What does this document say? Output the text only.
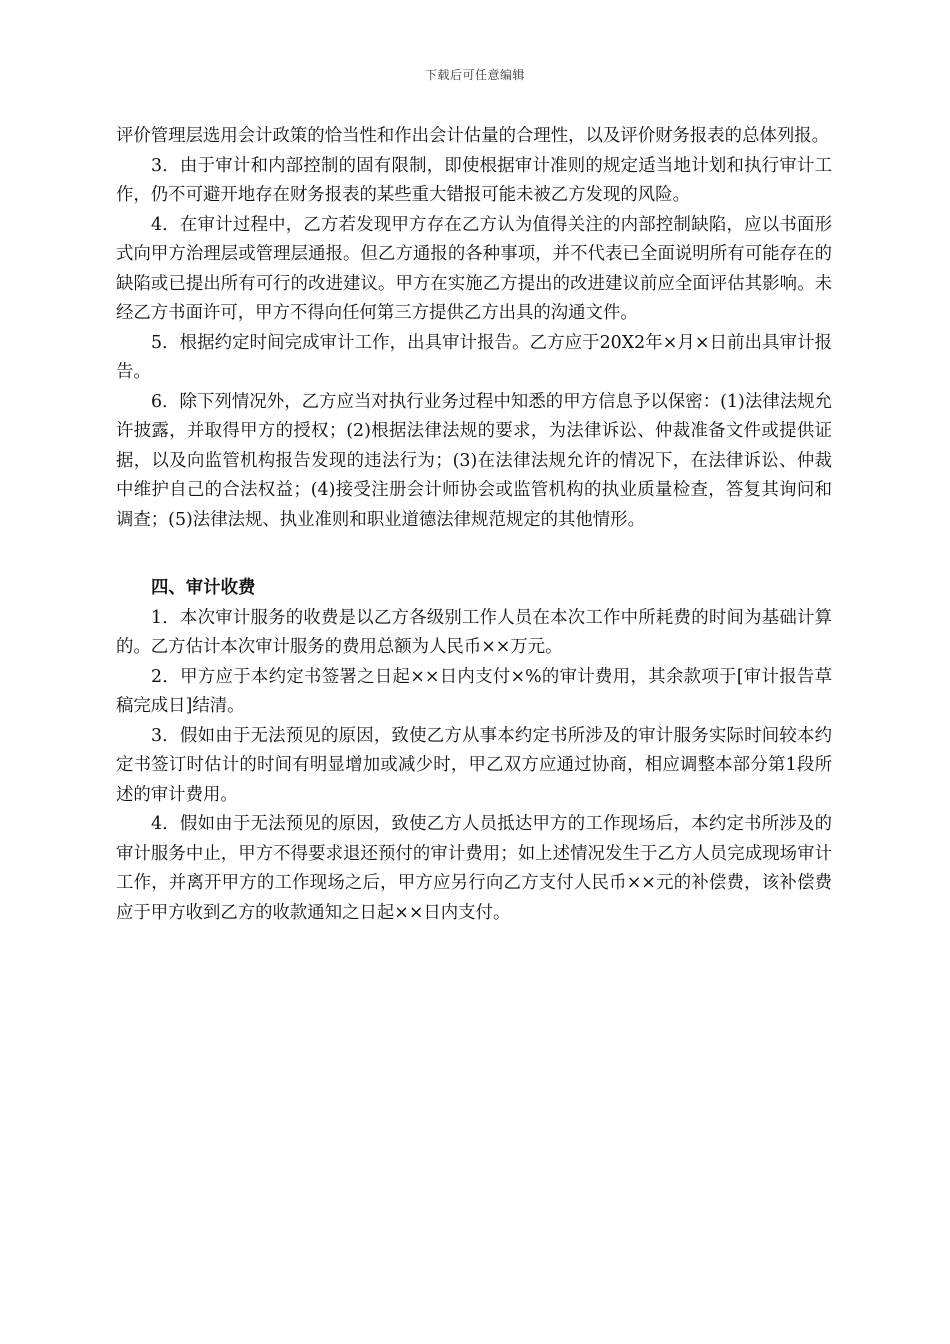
下载后可任意编辑

评价管理层选用会计政策的恰当性和作出会计估量的合理性，以及评价财务报表的总体列报。

3．由于审计和内部控制的固有限制，即使根据审计准则的规定适当地计划和执行审计工作，仍不可避开地存在财务报表的某些重大错报可能未被乙方发现的风险。

4．在审计过程中，乙方若发现甲方存在乙方认为值得关注的内部控制缺陷，应以书面形式向甲方治理层或管理层通报。但乙方通报的各种事项，并不代表已全面说明所有可能存在的缺陷或已提出所有可行的改进建议。甲方在实施乙方提出的改进建议前应全面评估其影响。未经乙方书面许可，甲方不得向任何第三方提供乙方出具的沟通文件。

5．根据约定时间完成审计工作，出具审计报告。乙方应于20X2年×月×日前出具审计报告。

6．除下列情况外，乙方应当对执行业务过程中知悉的甲方信息予以保密：(1)法律法规允许披露，并取得甲方的授权；(2)根据法律法规的要求，为法律诉讼、仲裁准备文件或提供证据，以及向监管机构报告发现的违法行为；(3)在法律法规允许的情况下，在法律诉讼、仲裁中维护自己的合法权益；(4)接受注册会计师协会或监管机构的执业质量检查，答复其询问和调查；(5)法律法规、执业准则和职业道德法律规范规定的其他情形。

四、审计收费

1．本次审计服务的收费是以乙方各级别工作人员在本次工作中所耗费的时间为基础计算的。乙方估计本次审计服务的费用总额为人民币××万元。

2．甲方应于本约定书签署之日起××日内支付×%的审计费用，其余款项于[审计报告草稿完成日]结清。

3．假如由于无法预见的原因，致使乙方从事本约定书所涉及的审计服务实际时间较本约定书签订时估计的时间有明显增加或减少时，甲乙双方应通过协商，相应调整本部分第1段所述的审计费用。

4．假如由于无法预见的原因，致使乙方人员抵达甲方的工作现场后，本约定书所涉及的审计服务中止，甲方不得要求退还预付的审计费用；如上述情况发生于乙方人员完成现场审计工作，并离开甲方的工作现场之后，甲方应另行向乙方支付人民币××元的补偿费，该补偿费应于甲方收到乙方的收款通知之日起××日内支付。
